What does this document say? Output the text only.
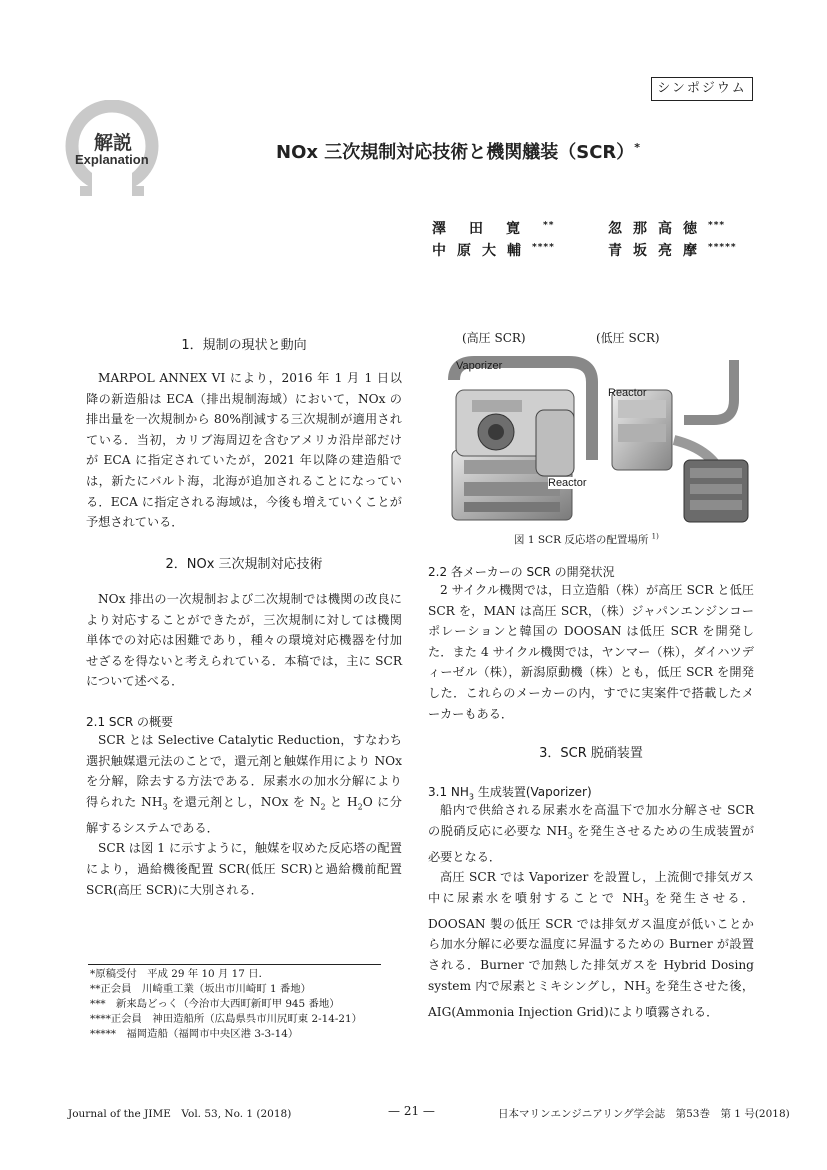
シンポジウム
解説
Explanation	NOx 三次規制対応技術と機関艤装（SCR）*
澤田寛**	忽那高徳***
中原大輔****	青坂亮摩*****
1．規制の現状と動向

MARPOL ANNEX VI により，2016 年 1 月 1 日以降の新造船は ECA（排出規制海域）において，NOx の排出量を一次規制から 80%削減する三次規制が適用されている．当初，カリブ海周辺を含むアメリカ沿岸部だけが ECA に指定されていたが，2021 年以降の建造船では，新たにバルト海，北海が追加されることになっている．ECA に指定される海域は，今後も増えていくことが予想されている．

2．NOx 三次規制対応技術

NOx 排出の一次規制および二次規制では機関の改良により対応することができたが，三次規制に対しては機関単体での対応は困難であり，種々の環境対応機器を付加せざるを得ないと考えられている．本稿では，主に SCR について述べる．

2.1 SCR の概要

SCR とは Selective Catalytic Reduction，すなわち選択触媒還元法のことで，還元剤と触媒作用により NOx を分解，除去する方法である．尿素水の加水分解により得られた $NH_3$ を還元剤とし，NOx を $N_2$ と $H_2O$ に分解するシステムである．

SCR は図 1 に示すように，触媒を収めた反応塔の配置により，過給機後配置 SCR(低圧 SCR)と過給機前配置 SCR(高圧 SCR)に大別される．

*原稿受付　平成 29 年 10 月 17 日．
**正会員　川崎重工業（坂出市川崎町 1 番地）
***　新来島どっく（今治市大西町新町甲 945 番地）
****正会員　神田造船所（広島県呉市川尻町東 2-14-21）
*****　福岡造船（福岡市中央区港 3-3-14）
(高圧 SCR)	(低圧 SCR)
Vaporizer
Reactor
Reactor
図 1 SCR 反応塔の配置場所 $^{1)}$
2.2 各メーカーの SCR の開発状況

2 サイクル機関では，日立造船（株）が高圧 SCR と低圧 SCR を，MAN は高圧 SCR，（株）ジャパンエンジンコーポレーションと韓国の DOOSAN は低圧 SCR を開発した．また 4 サイクル機関では，ヤンマー（株），ダイハツディーゼル（株），新潟原動機（株）とも，低圧 SCR を開発した．これらのメーカーの内，すでに実案件で搭載したメーカーもある．

3．SCR 脱硝装置
3.1 $NH_3$ 生成装置(Vaporizer)

船内で供給される尿素水を高温下で加水分解させ SCR の脱硝反応に必要な $NH_3$ を発生させるための生成装置が必要となる．

高圧 SCR では Vaporizer を設置し，上流側で排気ガス中に尿素水を噴射することで $NH_3$ を発生させる．DOOSAN 製の低圧 SCR では排気ガス温度が低いことから加水分解に必要な温度に昇温するための Burner が設置される．Burner で加熱した排気ガスを Hybrid Dosing system 内で尿素とミキシングし，$NH_3$ を発生させた後，AIG(Ammonia Injection Grid)により噴霧される．

Journal of the JIME　Vol. 53, No. 1 (2018)	— 21 —	日本マリンエンジニアリング学会誌　第53巻　第 1 号(2018)
